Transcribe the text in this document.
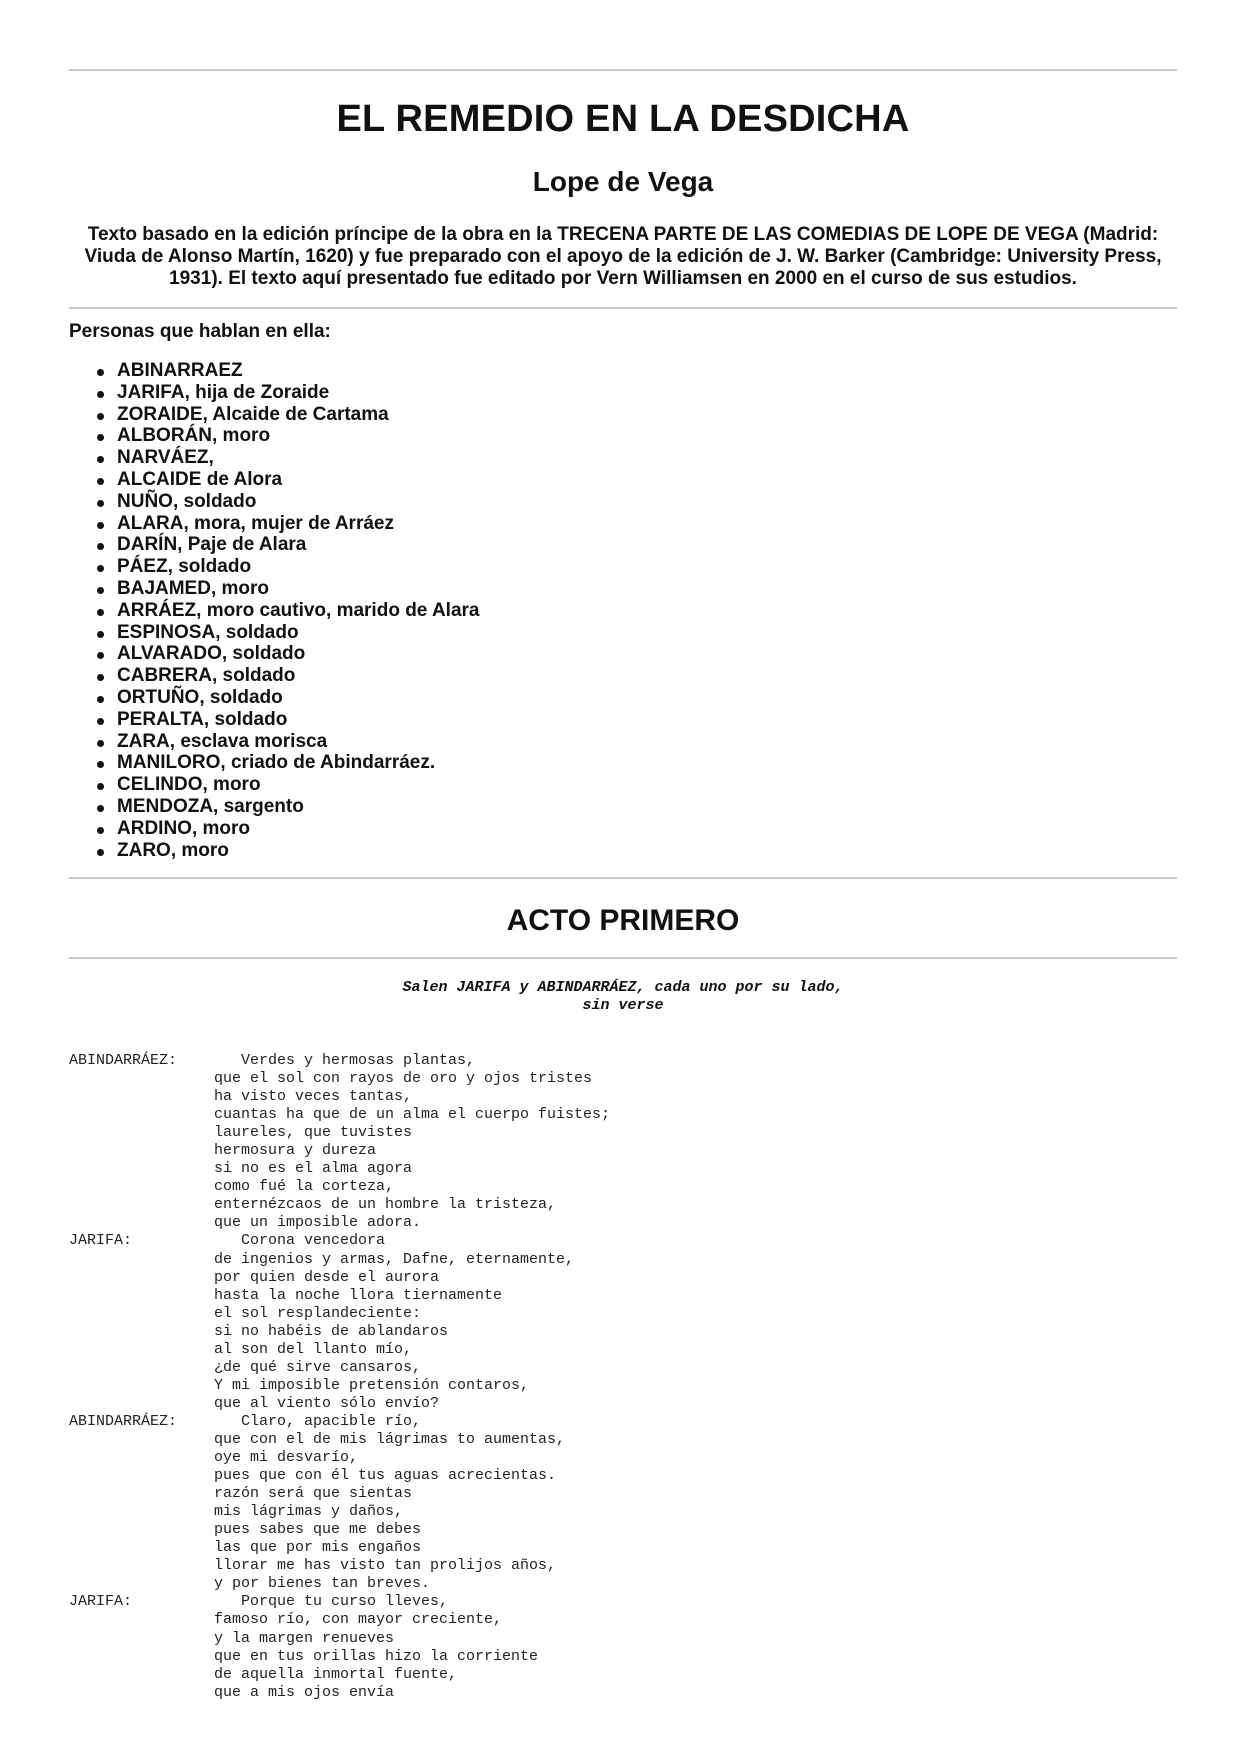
EL REMEDIO EN LA DESDICHA
Lope de Vega

Texto basado en la edición príncipe de la obra en la TRECENA PARTE DE LAS COMEDIAS DE LOPE DE VEGA (Madrid: Viuda de Alonso Martín, 1620) y fue preparado con el apoyo de la edición de J. W. Barker (Cambridge: University Press, 1931). El texto aquí presentado fue editado por Vern Williamsen en 2000 en el curso de sus estudios.

Personas que hablan en ella:

ABINARRAEZ
JARIFA, hija de Zoraide
ZORAIDE, Alcaide de Cartama
ALBORÁN, moro
NARVÁEZ,
ALCAIDE de Alora
NUÑO, soldado
ALARA, mora, mujer de Arráez
DARÍN, Paje de Alara
PÁEZ, soldado
BAJAMED, moro
ARRÁEZ, moro cautivo, marido de Alara
ESPINOSA, soldado
ALVARADO, soldado
CABRERA, soldado
ORTUÑO, soldado
PERALTA, soldado
ZARA, esclava morisca
MANILORO, criado de Abindarráez.
CELINDO, moro
MENDOZA, sargento
ARDINO, moro
ZARO, moro
ACTO PRIMERO
Salen JARIFA y ABINDARRÁEZ, cada uno por su lado,
sin verse
ABINDARRÁEZ: Verdes y hermosas plantas,
que el sol con rayos de oro y ojos tristes
ha visto veces tantas,
cuantas ha que de un alma el cuerpo fuistes;
laureles, que tuvistes
hermosura y dureza
si no es el alma agora
como fué la corteza,
enternézcaos de un hombre la tristeza,
que un imposible adora.
JARIFA:	Corona vencedora
de ingenios y armas, Dafne, eternamente,
por quien desde el aurora
hasta la noche llora tiernamente
el sol resplandeciente:
si no habéis de ablandaros
al son del llanto mío,
¿de qué sirve cansaros,
Y mi imposible pretensión contaros,
que al viento sólo envío?
ABINDARRÁEZ: Claro, apacible río,
que con el de mis lágrimas to aumentas,
oye mi desvarío,
pues que con él tus aguas acrecientas.
razón será que sientas
mis lágrimas y daños,
pues sabes que me debes
las que por mis engaños
llorar me has visto tan prolijos años,
y por bienes tan breves.
JARIFA:	Porque tu curso lleves,
famoso río, con mayor creciente,
y la margen renueves
que en tus orillas hizo la corriente
de aquella inmortal fuente,
que a mis ojos envía
